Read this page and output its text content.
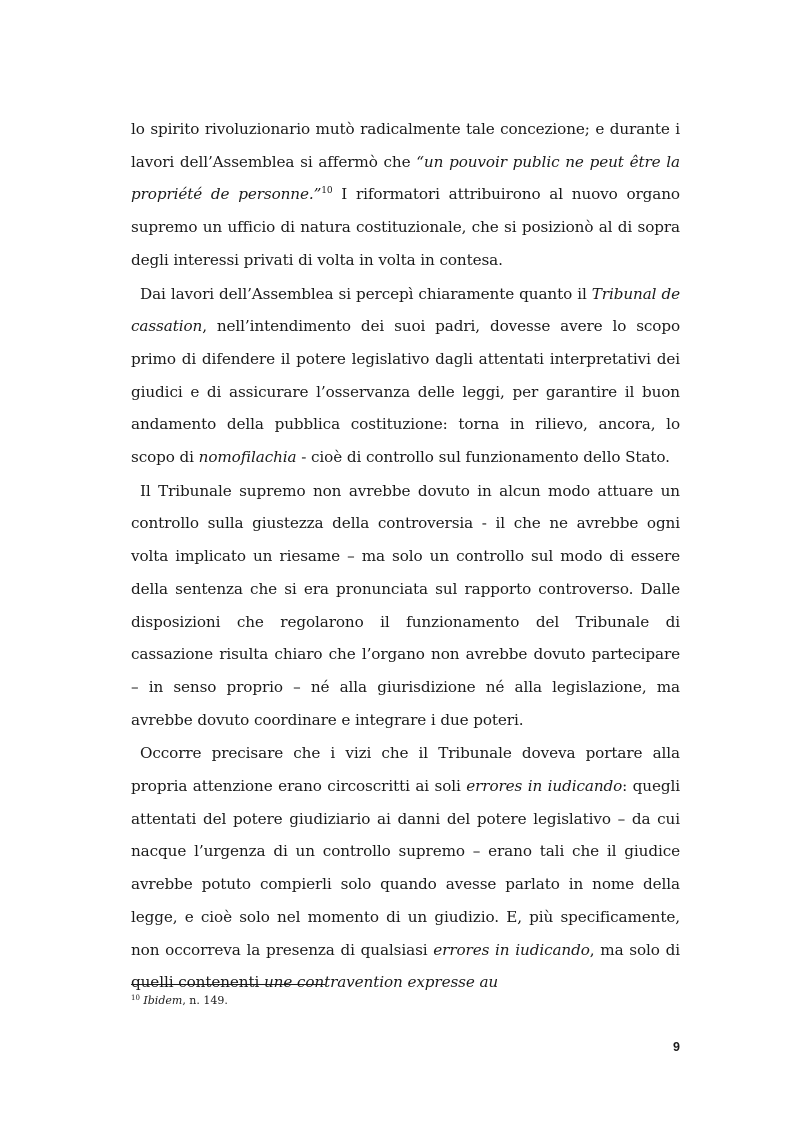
lo spirito rivoluzionario mutò radicalmente tale concezione; e durante i lavori dell’Assemblea si affermò che “un pouvoir public ne peut être la propriété de personne.”$^{10}$ I riformatori attribuirono al nuovo organo supremo un ufficio di natura costituzionale, che si posizionò al di sopra degli interessi privati di volta in volta in contesa.

Dai lavori dell’Assemblea si percepì chiaramente quanto il Tribunal de cassation, nell’intendimento dei suoi padri, dovesse avere lo scopo primo di difendere il potere legislativo dagli attentati interpretativi dei giudici e di assicurare l’osservanza delle leggi, per garantire il buon andamento della pubblica costituzione: torna in rilievo, ancora, lo scopo di nomofilachia - cioè di controllo sul funzionamento dello Stato.

Il Tribunale supremo non avrebbe dovuto in alcun modo attuare un controllo sulla giustezza della controversia - il che ne avrebbe ogni volta implicato un riesame – ma solo un controllo sul modo di essere della sentenza che si era pronunciata sul rapporto controverso. Dalle disposizioni che regolarono il funzionamento del Tribunale di cassazione risulta chiaro che l’organo non avrebbe dovuto partecipare – in senso proprio – né alla giurisdizione né alla legislazione, ma avrebbe dovuto coordinare e integrare i due poteri.

Occorre precisare che i vizi che il Tribunale doveva portare alla propria attenzione erano circoscritti ai soli errores in iudicando: quegli attentati del potere giudiziario ai danni del potere legislativo – da cui nacque l’urgenza di un controllo supremo – erano tali che il giudice avrebbe potuto compierli solo quando avesse parlato in nome della legge, e cioè solo nel momento di un giudizio. E, più specificamente, non occorreva la presenza di qualsiasi errores in iudicando, ma solo di quelli contenenti une contravention expresse au

$^{10}$ Ibidem, n. 149.
9
